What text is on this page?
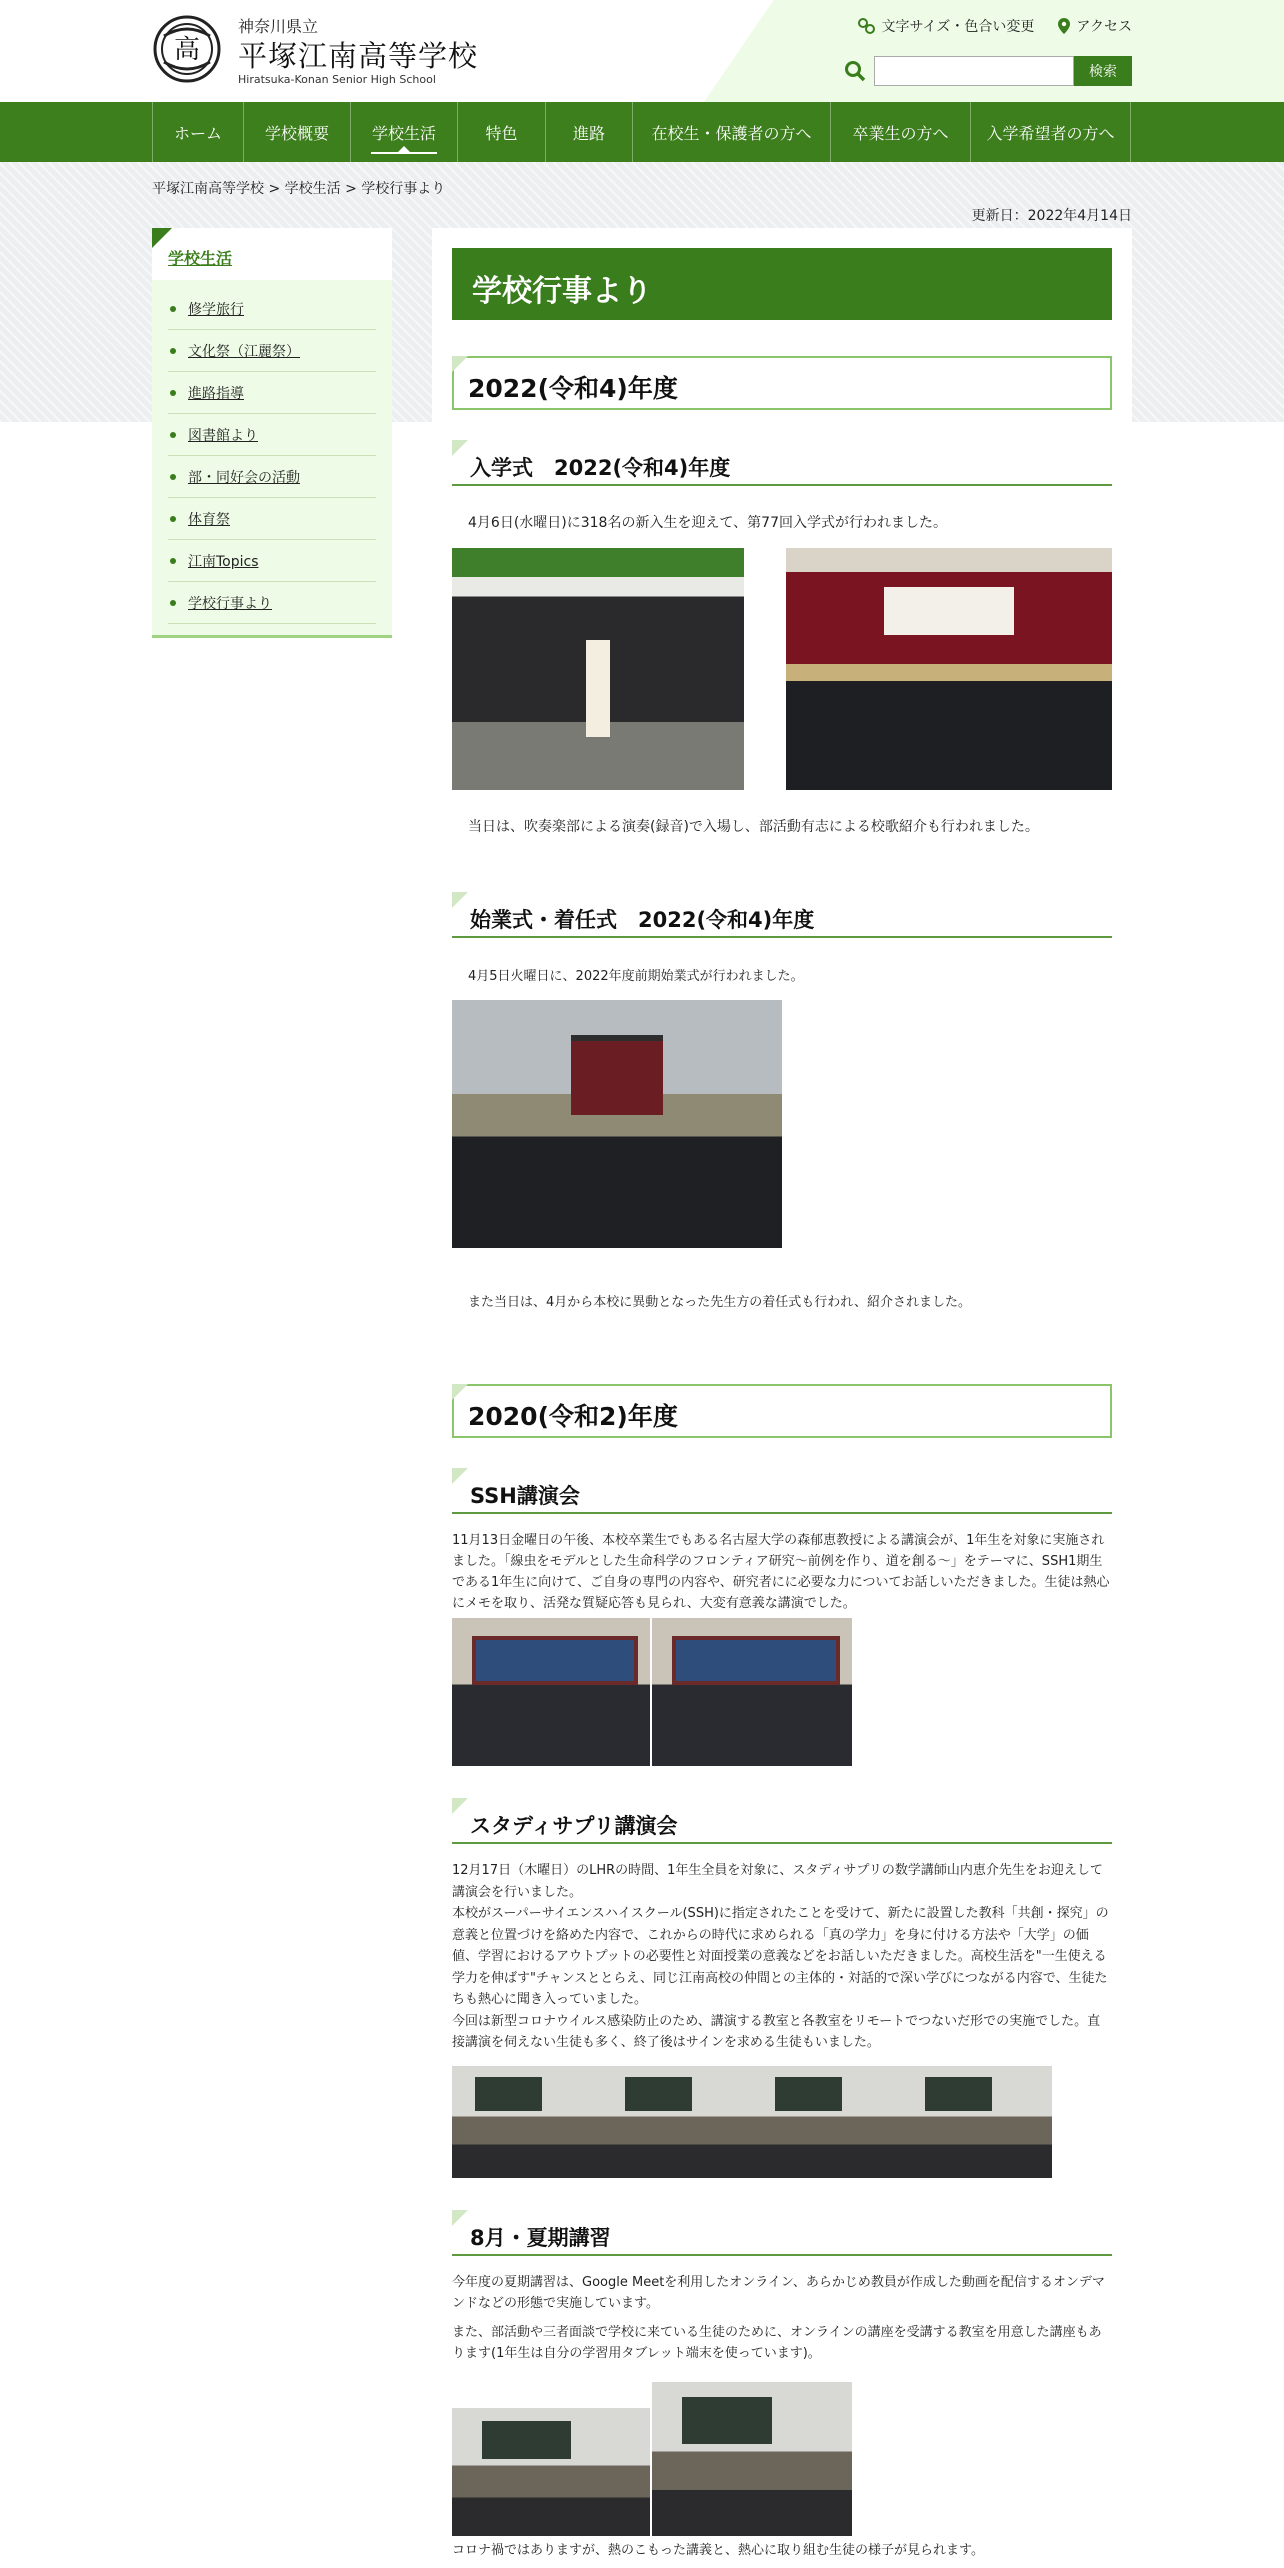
高
神奈川県立
平塚江南高等学校
Hiratsuka-Konan Senior High School
文字サイズ・色合い変更	アクセス
検索
ホーム	学校概要	学校生活	特色	進路	在校生・保護者の方へ	卒業生の方へ	入学希望者の方へ
平塚江南高等学校 > 学校生活 > 学校行事より
更新日：2022年4月14日
学校生活
修学旅行
文化祭（江麗祭）
進路指導
図書館より
部・同好会の活動
体育祭
江南Topics
学校行事より
学校行事より
2022(令和4)年度
入学式　2022(令和4)年度

4月6日(水曜日)に318名の新入生を迎えて、第77回入学式が行われました。

当日は、吹奏楽部による演奏(録音)で入場し、部活動有志による校歌紹介も行われました。

始業式・着任式　2022(令和4)年度

4月5日火曜日に、2022年度前期始業式が行われました。

また当日は、4月から本校に異動となった先生方の着任式も行われ、紹介されました。

2020(令和2)年度
SSH講演会

11月13日金曜日の午後、本校卒業生でもある名古屋大学の森郁恵教授による講演会が、1年生を対象に実施されました。「線虫をモデルとした生命科学のフロンティア研究～前例を作り、道を創る～」をテーマに、SSH1期生である1年生に向けて、ご自身の専門の内容や、研究者にに必要な力についてお話しいただきました。生徒は熱心にメモを取り、活発な質疑応答も見られ、大変有意義な講演でした。

スタディサプリ講演会

12月17日（木曜日）のLHRの時間、1年生全員を対象に、スタディサプリの数学講師山内恵介先生をお迎えして講演会を行いました。
本校がスーパーサイエンスハイスクール(SSH)に指定されたことを受けて、新たに設置した教科「共創・探究」の意義と位置づけを絡めた内容で、これからの時代に求められる「真の学力」を身に付ける方法や「大学」の価値、学習におけるアウトプットの必要性と対面授業の意義などをお話しいただきました。高校生活を"一生使える学力を伸ばす"チャンスととらえ、同じ江南高校の仲間との主体的・対話的で深い学びにつながる内容で、生徒たちも熱心に聞き入っていました。
今回は新型コロナウイルス感染防止のため、講演する教室と各教室をリモートでつないだ形での実施でした。直接講演を伺えない生徒も多く、終了後はサインを求める生徒もいました。

8月・夏期講習

今年度の夏期講習は、Google Meetを利用したオンライン、あらかじめ教員が作成した動画を配信するオンデマンドなどの形態で実施しています。

また、部活動や三者面談で学校に来ている生徒のために、オンラインの講座を受講する教室を用意した講座もあります(1年生は自分の学習用タブレット端末を使っています)。

コロナ禍ではありますが、熱のこもった講義と、熱心に取り組む生徒の様子が見られます。
